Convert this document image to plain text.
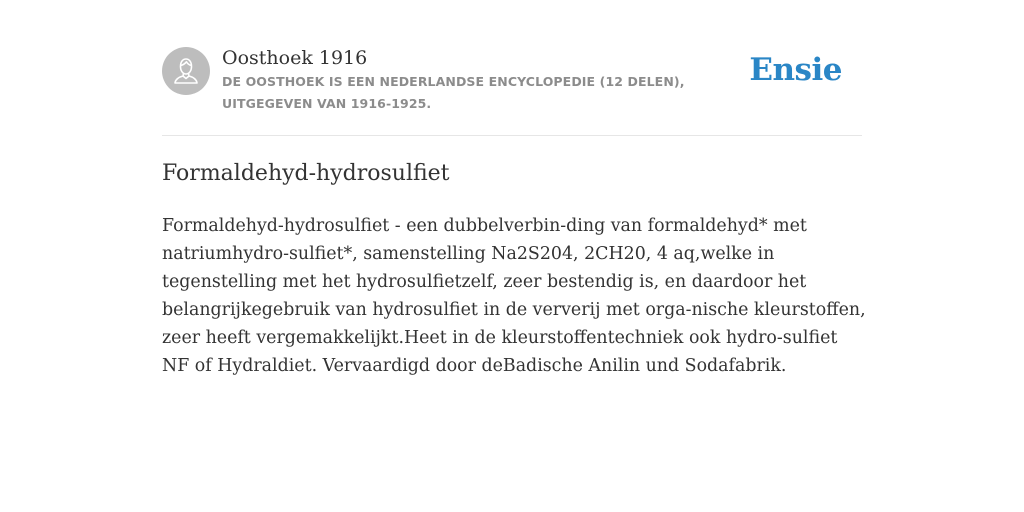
Oosthoek 1916

DE OOSTHOEK IS EEN NEDERLANDSE ENCYCLOPEDIE (12 DELEN), UITGEGEVEN VAN 1916-1925.

Ensie
Formaldehyd-hydrosulfiet

Formaldehyd-hydrosulfiet - een dubbelverbin-ding van formaldehyd* met natriumhydro-sulfiet*, samenstelling Na2S204, 2CH20, 4 aq,welke in tegenstelling met het hydrosulfietzelf, zeer bestendig is, en daardoor het belangrijkegebruik van hydrosulfiet in de ververij met orga-nische kleurstoffen, zeer heeft vergemakkelijkt.Heet in de kleurstoffentechniek ook hydro-sulfiet NF of Hydraldiet. Vervaardigd door deBadische Anilin und Sodafabrik.
